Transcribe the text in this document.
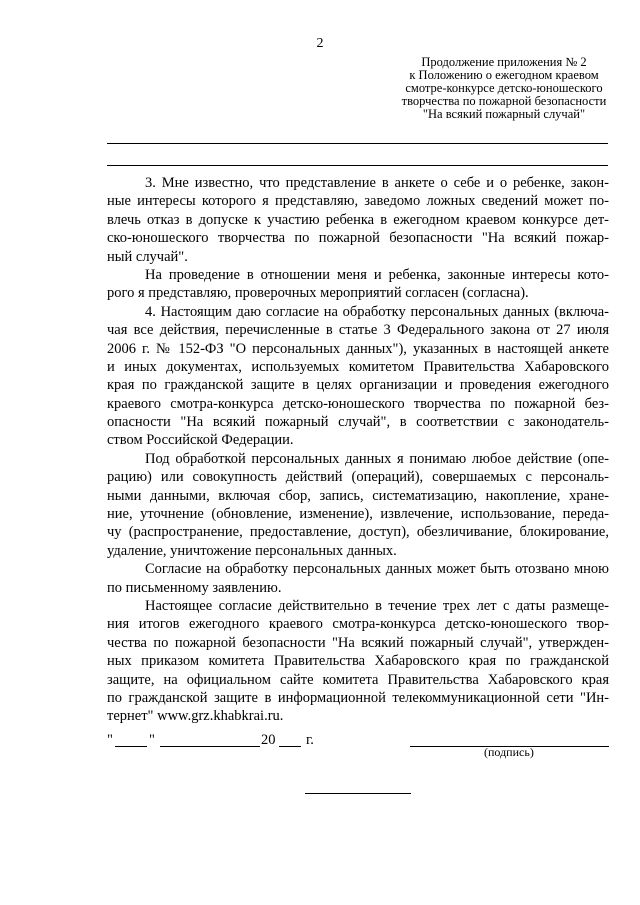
2
Продолжение приложения № 2
к Положению о ежегодном краевом
смотре-конкурсе детско-юношеского
творчества по пожарной безопасности
"На всякий пожарный случай"
3. Мне известно, что представление в анкете о себе и о ребенке, закон-
ные интересы которого я представляю, заведомо ложных сведений может по-
влечь отказ в допуске к участию ребенка в ежегодном краевом конкурсе дет-
ско-юношеского творчества по пожарной безопасности "На всякий пожар-
ный случай".
На проведение в отношении меня и ребенка, законные интересы кото-
рого я представляю, проверочных мероприятий согласен (согласна).
4. Настоящим даю согласие на обработку персональных данных (включа-
чая все действия, перечисленные в статье 3 Федерального закона от 27 июля
2006 г. № 152-ФЗ "О персональных данных"), указанных в настоящей анкете
и иных документах, используемых комитетом Правительства Хабаровского
края по гражданской защите в целях организации и проведения ежегодного
краевого смотра-конкурса детско-юношеского творчества по пожарной без-
опасности "На всякий пожарный случай", в соответствии с законодатель-
ством Российской Федерации.
Под обработкой персональных данных я понимаю любое действие (опе-
рацию) или совокупность действий (операций), совершаемых с персональ-
ными данными, включая сбор, запись, систематизацию, накопление, хране-
ние, уточнение (обновление, изменение), извлечение, использование, переда-
чу (распространение, предоставление, доступ), обезличивание, блокирование,
удаление, уничтожение персональных данных.
Согласие на обработку персональных данных может быть отозвано мною
по письменному заявлению.
Настоящее согласие действительно в течение трех лет с даты размеще-
ния итогов ежегодного краевого смотра-конкурса детско-юношеского твор-
чества по пожарной безопасности "На всякий пожарный случай", утвержден-
ных приказом комитета Правительства Хабаровского края по гражданской
защите, на официальном сайте комитета Правительства Хабаровского края
по гражданской защите в информационной телекоммуникационной сети "Ин-
тернет" www.grz.khabkrai.ru.
" "	20 г.
(подпись)
